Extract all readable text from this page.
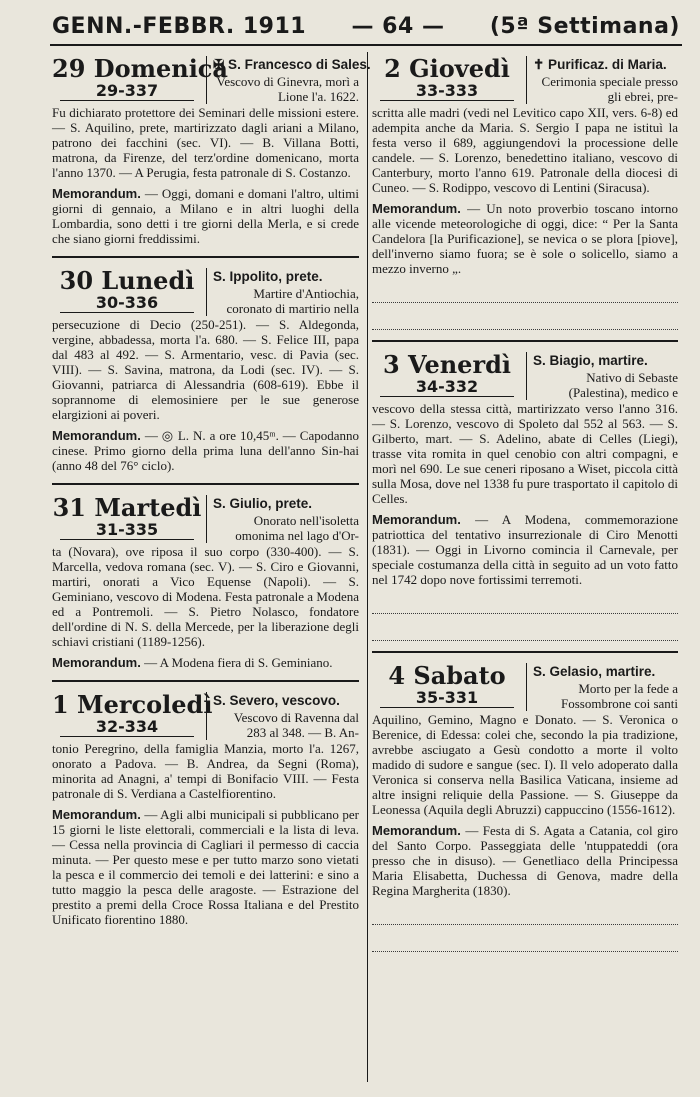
GENN.-FEBBR. 1911 — 64 — (5ª Settimana)
29 Domenica
29-337
✠ S. Francesco di Sales.
Vescovo di Ginevra, morì a Lione l'a. 1622.
Fu dichiarato protettore dei Seminari delle missioni estere. — S. Aquilino, prete, martirizzato dagli ariani a Milano, patrono dei facchini (sec. VI). — B. Villana Botti, matrona, da Firenze, del terz'ordine domenicano, morta l'anno 1370. — A Perugia, festa patronale di S. Costanzo.
Memorandum. — Oggi, domani e domani l'altro, ultimi giorni di gennaio, a Milano e in altri luoghi della Lombardia, sono detti i tre giorni della Merla, e si crede che siano giorni freddissimi.
30 Lunedì
30-336
S. Ippolito, prete.
Martire d'Antiochia, coronato di martirio nella
persecuzione di Decio (250-251). — S. Aldegonda, vergine, abbadessa, morta l'a. 680. — S. Felice III, papa dal 483 al 492. — S. Armentario, vesc. di Pavia (sec. VIII). — S. Savina, matrona, da Lodi (sec. IV). — S. Giovanni, patriarca di Alessandria (608-619). Ebbe il soprannome di elemosiniere per le sue generose elargizioni ai poveri.
Memorandum. — ◎ L. N. a ore 10,45ᵐ. — Capodanno cinese. Primo giorno della prima luna dell'anno Sin-hai (anno 48 del 76° ciclo).
31 Martedì
31-335
S. Giulio, prete.
Onorato nell'isoletta omonima nel lago d'Or-
ta (Novara), ove riposa il suo corpo (330-400). — S. Marcella, vedova romana (sec. V). — S. Ciro e Giovanni, martiri, onorati a Vico Equense (Napoli). — S. Geminiano, vescovo di Modena. Festa patronale a Modena ed a Pontremoli. — S. Pietro Nolasco, fondatore dell'ordine di N. S. della Mercede, per la liberazione degli schiavi cristiani (1189-1256).
Memorandum. — A Modena fiera di S. Geminiano.
1 Mercoledì
32-334
S. Severo, vescovo.
Vescovo di Ravenna dal 283 al 348. — B. An-
tonio Peregrino, della famiglia Manzia, morto l'a. 1267, onorato a Padova. — B. Andrea, da Segni (Roma), minorita ad Anagni, a' tempi di Bonifacio VIII. — Festa patronale di S. Verdiana a Castelfiorentino.
Memorandum. — Agli albi municipali si pubblicano per 15 giorni le liste elettorali, commerciali e la lista di leva. — Cessa nella provincia di Cagliari il permesso di caccia minuta. — Per questo mese e per tutto marzo sono vietati la pesca e il commercio dei temoli e dei latterini: e sino a tutto maggio la pesca delle aragoste. — Estrazione del prestito a premi della Croce Rossa Italiana e del Prestito Unificato fiorentino 1880.
2 Giovedì
33-333
✝ Purificaz. di Maria.
Cerimonia speciale presso gli ebrei, pre-
scritta alle madri (vedi nel Levitico capo XII, vers. 6-8) ed adempita anche da Maria. S. Sergio I papa ne istituì la festa verso il 689, aggiungendovi la processione delle candele. — S. Lorenzo, benedettino italiano, vescovo di Canterbury, morto l'anno 619. Patronale della diocesi di Cuneo. — S. Rodippo, vescovo di Lentini (Siracusa).
Memorandum. — Un noto proverbio toscano intorno alle vicende meteorologiche di oggi, dice: “ Per la Santa Candelora [la Purificazione], se nevica o se plora [piove], dell'inverno siamo fuora; se è sole o solicello, siamo a mezzo inverno „.
3 Venerdì
34-332
S. Biagio, martire.
Nativo di Sebaste (Palestina), medico e
vescovo della stessa città, martirizzato verso l'anno 316. — S. Lorenzo, vescovo di Spoleto dal 552 al 563. — S. Gilberto, mart. — S. Adelino, abate di Celles (Liegi), trasse vita romita in quel cenobio con altri compagni, e morì nel 690. Le sue ceneri riposano a Wiset, piccola città sulla Mosa, dove nel 1338 fu pure trasportato il capitolo di Celles.
Memorandum. — A Modena, commemorazione patriottica del tentativo insurrezionale di Ciro Menotti (1831). — Oggi in Livorno comincia il Carnevale, per speciale costumanza della città in seguito ad un voto fatto nel 1742 dopo nove fortissimi terremoti.
4 Sabato
35-331
S. Gelasio, martire.
Morto per la fede a Fossombrone coi santi
Aquilino, Gemino, Magno e Donato. — S. Veronica o Berenice, di Edessa: colei che, secondo la pia tradizione, avrebbe asciugato a Gesù condotto a morte il volto madido di sudore e sangue (sec. I). Il velo adoperato dalla Veronica si conserva nella Basilica Vaticana, insieme ad altre insigni reliquie della Passione. — S. Giuseppe da Leonessa (Aquila degli Abruzzi) cappuccino (1556-1612).
Memorandum. — Festa di S. Agata a Catania, col giro del Santo Corpo. Passeggiata delle 'ntuppateddi (ora presso che in disuso). — Genetliaco della Principessa Maria Elisabetta, Duchessa di Genova, madre della Regina Margherita (1830).
